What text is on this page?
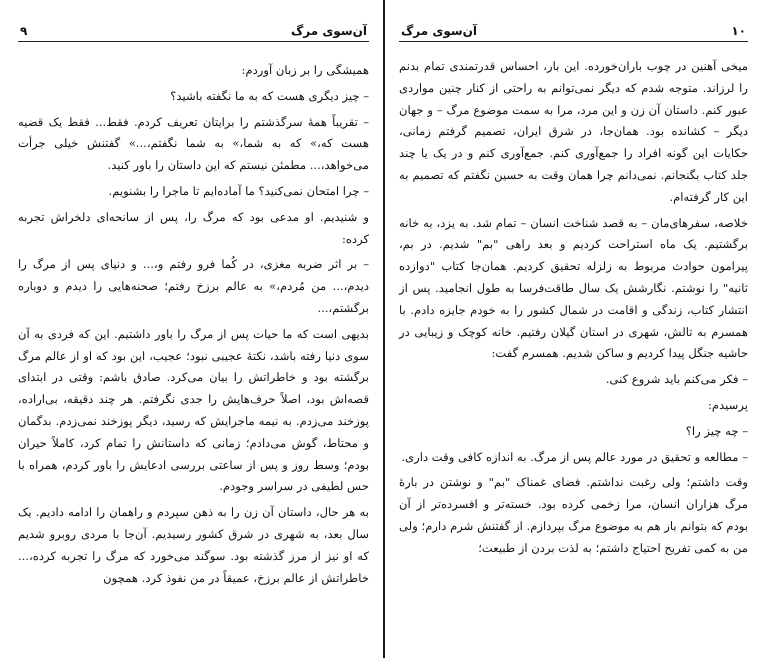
۹	آن‌سوی مرگ

همیشگی را بر زبان آوردم:

– چیز دیگری هست که به ما نگفته باشید؟

– تقریباً همهٔ سرگذشتم را برایتان تعریف کردم. فقط... فقط یک قضیه هست که،» که به شما،» به شما نگفتم،...» گفتنش خیلی جرأت می‌خواهد،... مطمئن نیستم که این داستان را باور کنید.

– چرا امتحان نمی‌کنید؟ ما آماده‌ایم تا ماجرا را بشنویم.

و شنیدیم. او مدعی بود که مرگ را، پس از سانحه‌ای دلخراش تجربه کرده:

– بر اثر ضربه مغزی، در کُما فرو رفتم و،... و دنیای پس از مرگ را دیدم،... من مُردم،» به عالم برزخ رفتم؛ صحنه‌هایی را دیدم و دوباره برگشتم،...

بدیهی است که ما حیات پس از مرگ را باور داشتیم. این که فردی به آن سوی دنیا رفته باشد، نکتهٔ عجیبی نبود؛ عجیب، این بود که او از عالم مرگ برگشته بود و خاطراتش را بیان می‌کرد. صادق باشم: وقتی در ابتدای قصه‌اش بود، اصلاً حرف‌هایش را جدی نگرفتم. هر چند دقیقه، بی‌اراده، پوزخند می‌زدم. به نیمه ماجرایش که رسید، دیگر پوزخند نمی‌زدم. بدگمان و محتاط، گوش می‌دادم؛ زمانی که داستانش را تمام کرد، کاملاً حیران بودم؛ وسط روز و پس از ساعتی بررسی ادعایش را باور کردم، همراه با حس لطیفی در سراسر وجودم.

به هر حال، داستان آن زن را به ذهن سپردم و راهمان را ادامه دادیم. یک سال بعد، به شهری در شرق کشور رسیدیم. آن‌جا با مردی روبرو شدیم که او نیز از مرز گذشته بود. سوگند می‌خورد که مرگ را تجربه کرده،... خاطراتش از عالم برزخ، عمیقاً در من نفوذ کرد. همچون

آن‌سوی مرگ	۱۰

میخی آهنین در چوب باران‌خورده. این بار، احساس قدرتمندی تمام بدنم را لرزاند. متوجه شدم که دیگر نمی‌توانم به راحتی از کنار چنین مواردی عبور کنم. داستان آن زن و این مرد، مرا به سمت موضوع مرگ – و جهان دیگر – کشانده بود. همان‌جا، در شرق ایران، تصمیم گرفتم زمانی، حکایات این گونه افراد را جمع‌آوری کنم. جمع‌آوری کنم و در یک یا چند جلد کتاب بگنجانم. نمی‌دانم چرا همان وقت به حسین نگفتم که تصمیم به این کار گرفته‌ام.

خلاصه، سفرهای‌مان – به قصد شناخت انسان – تمام شد. به یزد، به خانه برگشتیم. یک ماه استراحت کردیم و بعد راهی "بم" شدیم. در بم، پیرامون حوادث مربوط به زلزله تحقیق کردیم. همان‌جا کتاب "دوازده ثانیه" را نوشتم. نگارشش یک سال طاقت‌فرسا به طول انجامید. پس از انتشار کتاب، زندگی و اقامت در شمال کشور را به خودم جایزه دادم. با همسرم به تالش، شهری در استان گیلان رفتیم. خانه کوچک و زیبایی در حاشیه جنگل پیدا کردیم و ساکن شدیم. همسرم گفت:

– فکر می‌کنم باید شروع کنی.

پرسیدم:

– چه چیز را؟

– مطالعه و تحقیق در مورد عالم پس از مرگ. به اندازه کافی وقت داری.

وقت داشتم؛ ولی رغبت نداشتم. فضای غمناک "بم" و نوشتن در بارهٔ مرگ هزاران انسان، مرا زخمی کرده بود. خسته‌تر و افسرده‌تر از آن بودم که بتوانم باز هم به موضوع مرگ بپردازم. از گفتنش شرم دارم؛ ولی من به کمی تفریح احتیاج داشتم؛ به لذت بردن از طبیعت؛
